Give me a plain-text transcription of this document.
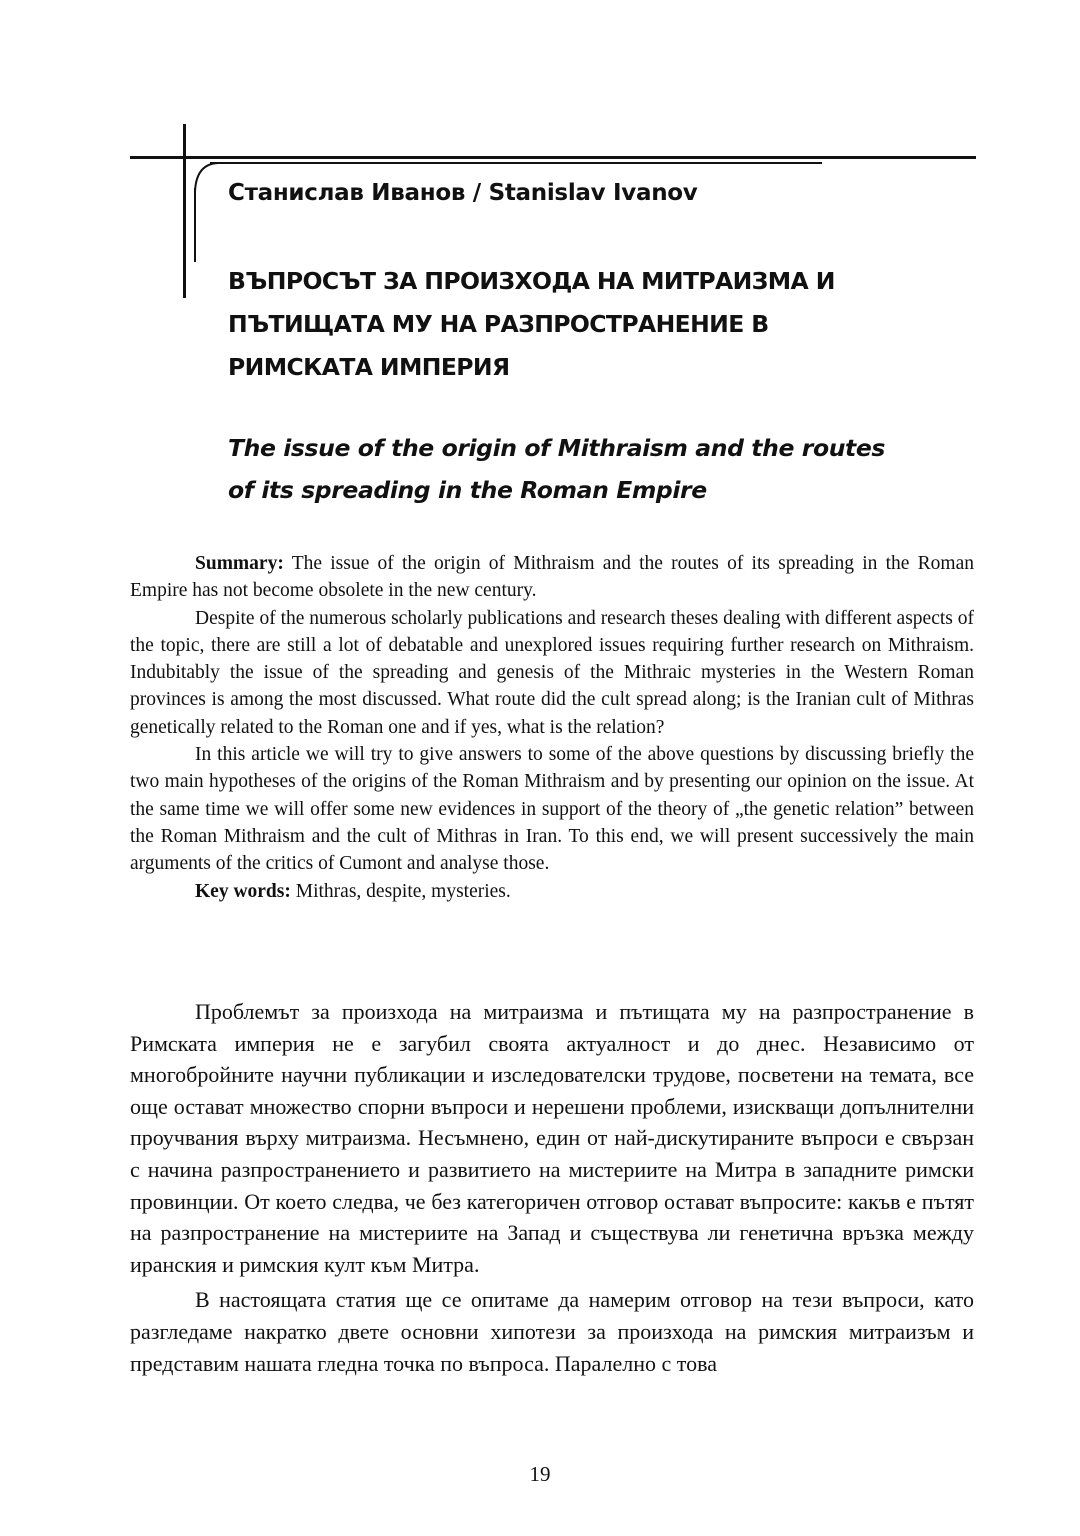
Станислав Иванов / Stanislav Ivanov
ВЪПРОСЪТ ЗА ПРОИЗХОДА НА МИТРАИЗМА И
ПЪТИЩАТА МУ НА РАЗПРОСТРАНЕНИЕ В
РИМСКАТА ИМПЕРИЯ
The issue of the origin of Mithraism and the routes
of its spreading in the Roman Empire

Summary: The issue of the origin of Mithraism and the routes of its spreading in the Roman Empire has not become obsolete in the new century.

Despite of the numerous scholarly publications and research theses dealing with different aspects of the topic, there are still a lot of debatable and unexplored issues requiring further research on Mithraism. Indubitably the issue of the spreading and genesis of the Mithraic mysteries in the Western Roman provinces is among the most discussed. What route did the cult spread along; is the Iranian cult of Mithras genetically related to the Roman one and if yes, what is the relation?

In this article we will try to give answers to some of the above questions by discussing briefly the two main hypotheses of the origins of the Roman Mithraism and by presenting our opinion on the issue. At the same time we will offer some new evidences in support of the theory of „the genetic relation” between the Roman Mithraism and the cult of Mithras in Iran. To this end, we will present successively the main arguments of the critics of Cumont and analyse those.

Key words: Mithras, despite, mysteries.

Проблемът за произхода на митраизма и пътищата му на разпространение в Римската империя не е загубил своята актуалност и до днес. Независимо от многобройните научни публикации и изследователски трудове, посветени на темата, все още остават множество спорни въпроси и нерешени проблеми, изискващи допълнителни проучвания върху митраизма. Несъмнено, един от най-дискутираните въпроси е свързан с начина разпространението и развитието на мистериите на Митра в западните римски провинции. От което следва, че без категоричен отговор остават въпросите: какъв е пътят на разпространение на мистериите на Запад и съществува ли генетична връзка между иранския и римския култ към Митра.

В настоящата статия ще се опитаме да намерим отговор на тези въпроси, като разгледаме накратко двете основни хипотези за произхода на римския митраизъм и представим нашата гледна точка по въпроса. Паралелно с това

19
